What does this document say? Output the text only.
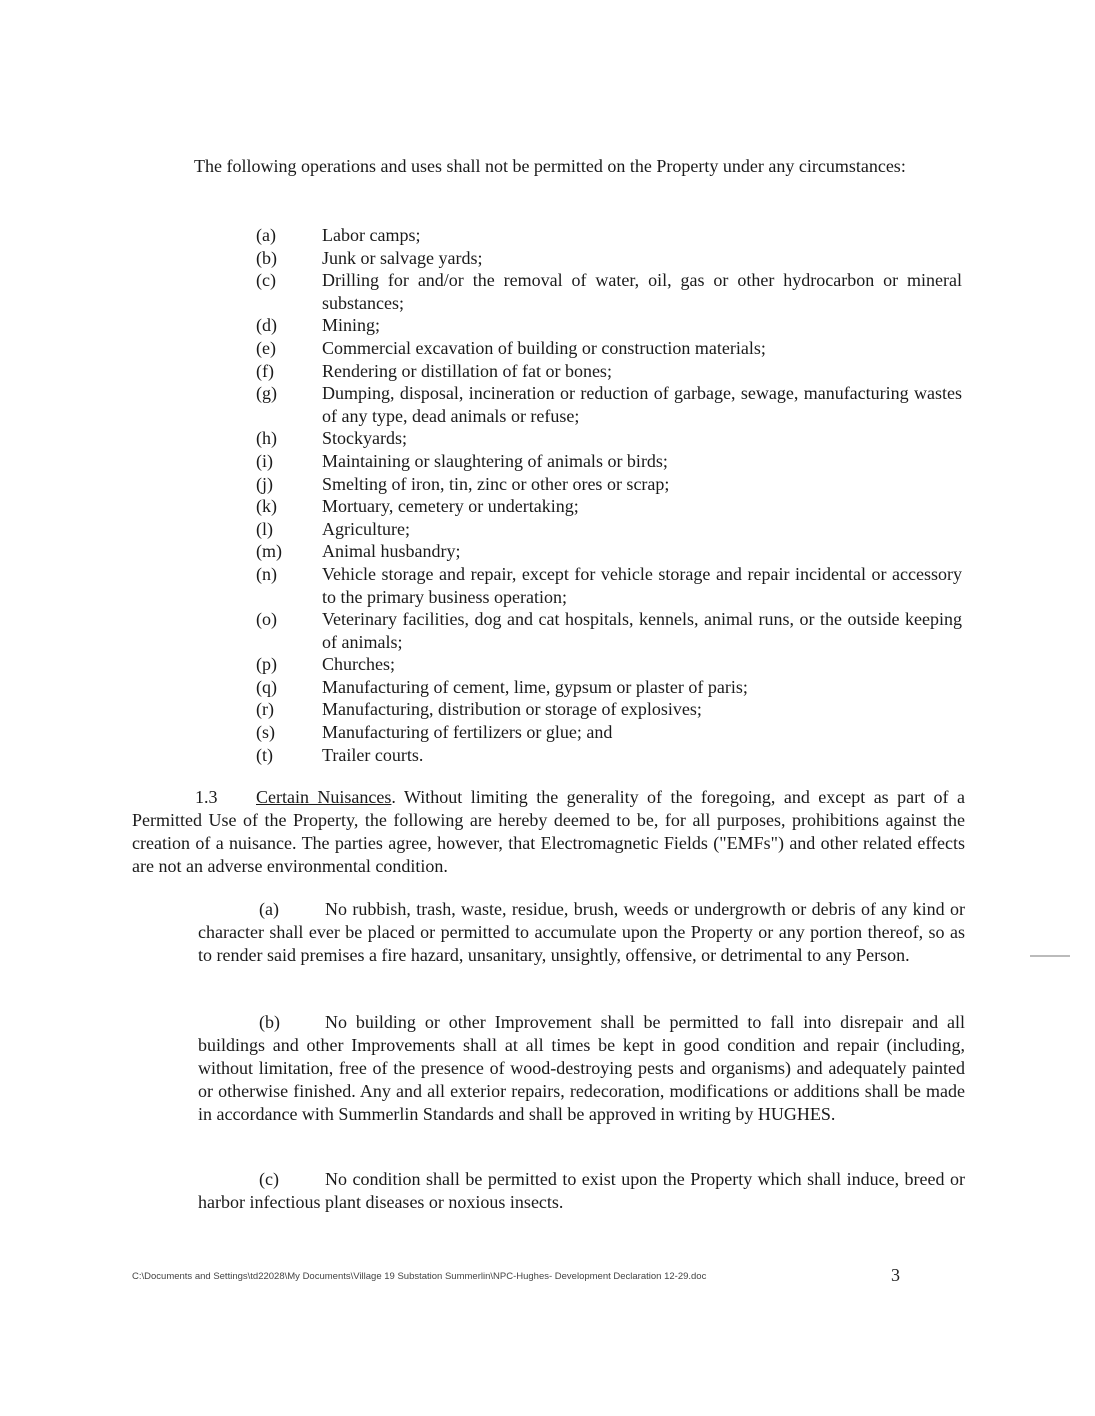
The following operations and uses shall not be permitted on the Property under any circumstances:

(a)	Labor camps;
(b)	Junk or salvage yards;
(c)	Drilling for and/or the removal of water, oil, gas or other hydrocarbon or mineral substances;
(d)	Mining;
(e)	Commercial excavation of building or construction materials;
(f)	Rendering or distillation of fat or bones;
(g)	Dumping, disposal, incineration or reduction of garbage, sewage, manufacturing wastes of any type, dead animals or refuse;
(h)	Stockyards;
(i)	Maintaining or slaughtering of animals or birds;
(j)	Smelting of iron, tin, zinc or other ores or scrap;
(k)	Mortuary, cemetery or undertaking;
(l)	Agriculture;
(m)	Animal husbandry;
(n)	Vehicle storage and repair, except for vehicle storage and repair incidental or accessory to the primary business operation;
(o)	Veterinary facilities, dog and cat hospitals, kennels, animal runs, or the outside keeping of animals;
(p)	Churches;
(q)	Manufacturing of cement, lime, gypsum or plaster of paris;
(r)	Manufacturing, distribution or storage of explosives;
(s)	Manufacturing of fertilizers or glue; and
(t)	Trailer courts.

1.3 Certain Nuisances. Without limiting the generality of the foregoing, and except as part of a Permitted Use of the Property, the following are hereby deemed to be, for all purposes, prohibitions against the creation of a nuisance. The parties agree, however, that Electromagnetic Fields ("EMFs") and other related effects are not an adverse environmental condition.

(a)	No rubbish, trash, waste, residue, brush, weeds or undergrowth or debris of any kind or character shall ever be placed or permitted to accumulate upon the Property or any portion thereof, so as to render said premises a fire hazard, unsanitary, unsightly, offensive, or detrimental to any Person.

(b)	No building or other Improvement shall be permitted to fall into disrepair and all buildings and other Improvements shall at all times be kept in good condition and repair (including, without limitation, free of the presence of wood-destroying pests and organisms) and adequately painted or otherwise finished. Any and all exterior repairs, redecoration, modifications or additions shall be made in accordance with Summerlin Standards and shall be approved in writing by HUGHES.

(c)	No condition shall be permitted to exist upon the Property which shall induce, breed or harbor infectious plant diseases or noxious insects.

C:\Documents and Settings\td22028\My Documents\Village 19 Substation Summerlin\NPC-Hughes- Development Declaration 12-29.doc	3
